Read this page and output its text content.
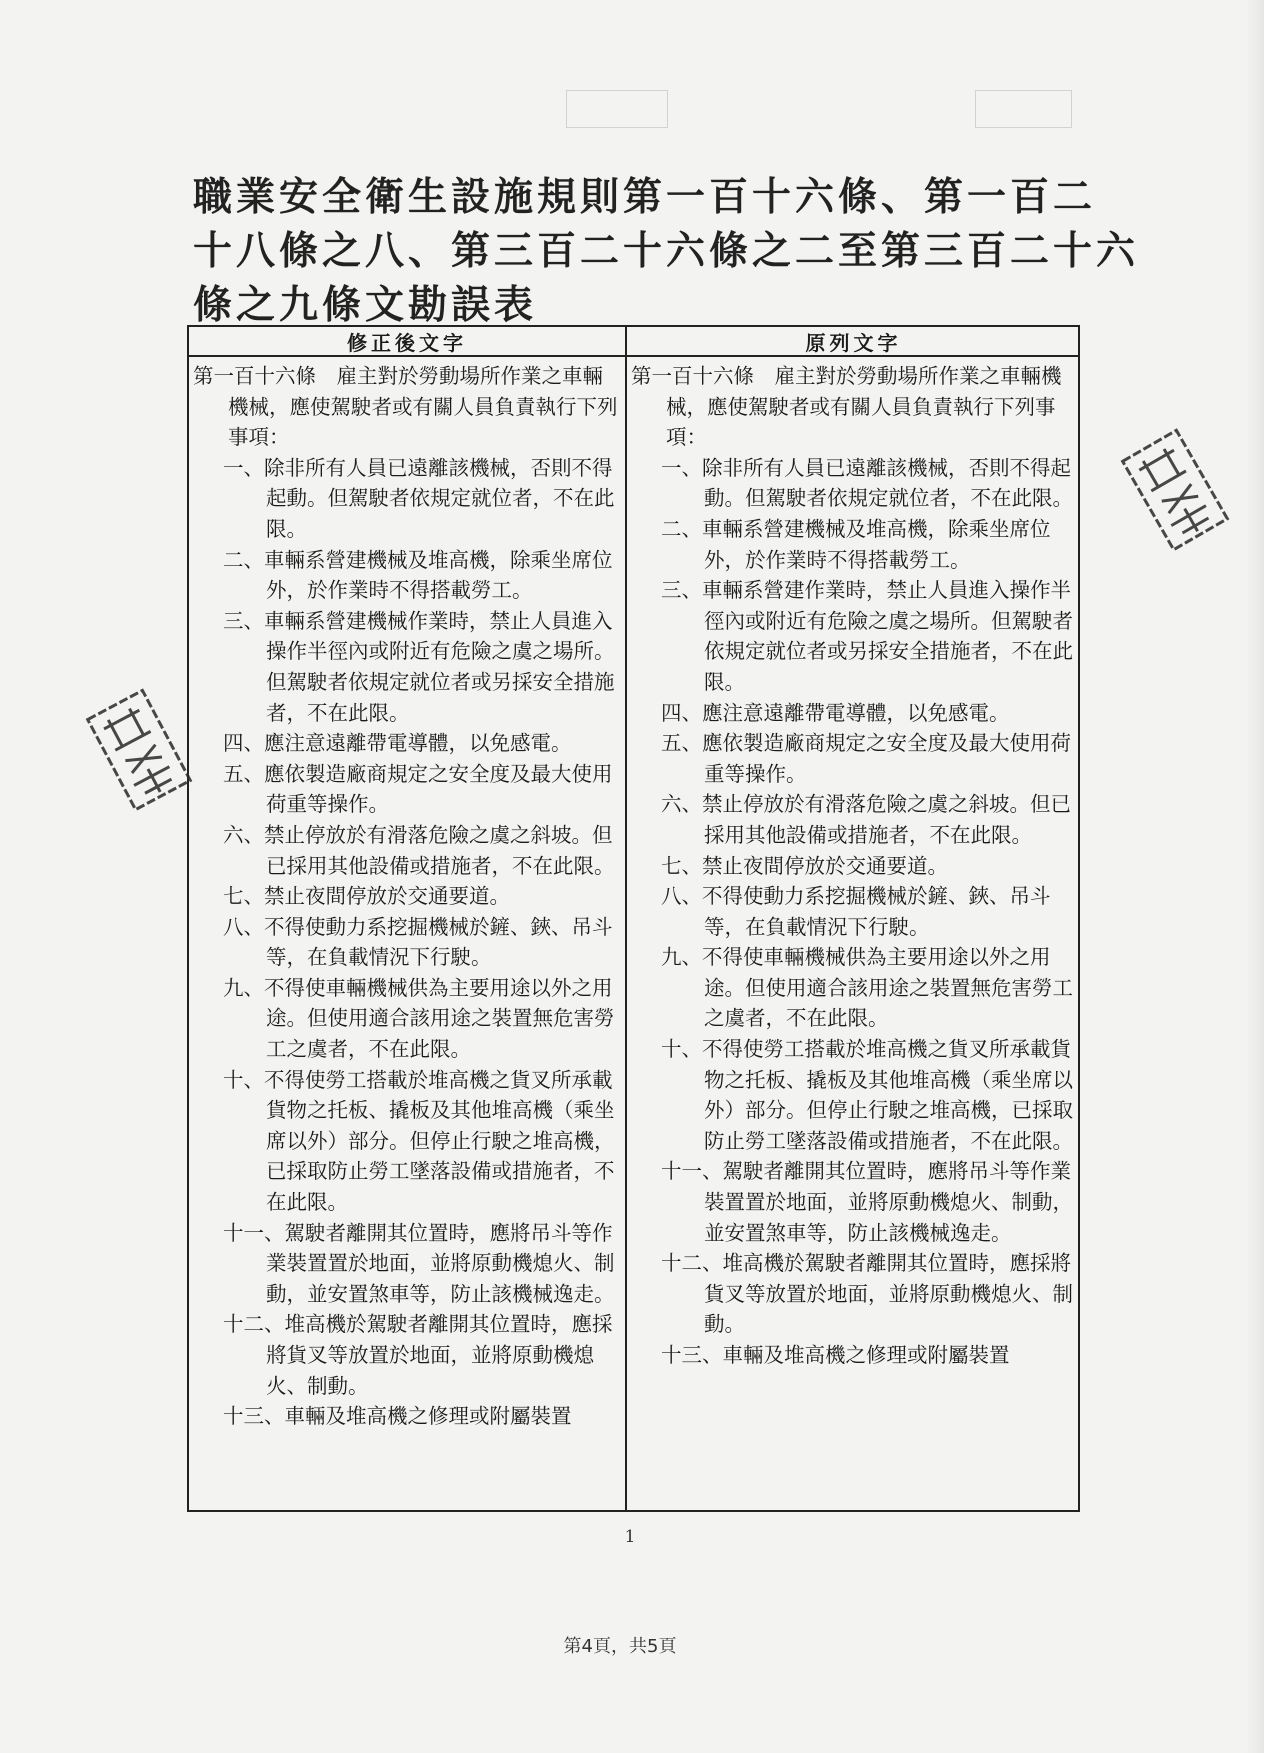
職業安全衛生設施規則第一百十六條、第一百二
十八條之八、第三百二十六條之二至第三百二十六
條之九條文勘誤表
修正後文字	原列文字

第一百十六條　雇主對於勞動場所作業之車輛機械，應使駕駛者或有關人員負責執行下列事項：

一、除非所有人員已遠離該機械，否則不得起動。但駕駛者依規定就位者，不在此限。

二、車輛系營建機械及堆高機，除乘坐席位外，於作業時不得搭載勞工。

三、車輛系營建機械作業時，禁止人員進入操作半徑內或附近有危險之虞之場所。但駕駛者依規定就位者或另採安全措施者，不在此限。

四、應注意遠離帶電導體，以免感電。

五、應依製造廠商規定之安全度及最大使用荷重等操作。

六、禁止停放於有滑落危險之虞之斜坡。但已採用其他設備或措施者，不在此限。

七、禁止夜間停放於交通要道。

八、不得使動力系挖掘機械於鏟、鋏、吊斗等，在負載情況下行駛。

九、不得使車輛機械供為主要用途以外之用途。但使用適合該用途之裝置無危害勞工之虞者，不在此限。

十、不得使勞工搭載於堆高機之貨叉所承載貨物之托板、撬板及其他堆高機（乘坐席以外）部分。但停止行駛之堆高機，已採取防止勞工墜落設備或措施者，不在此限。

十一、駕駛者離開其位置時，應將吊斗等作業裝置置於地面，並將原動機熄火、制動，並安置煞車等，防止該機械逸走。

十二、堆高機於駕駛者離開其位置時，應採將貨叉等放置於地面，並將原動機熄火、制動。

十三、車輛及堆高機之修理或附屬裝置

第一百十六條　雇主對於勞動場所作業之車輛機械，應使駕駛者或有關人員負責執行下列事項：

一、除非所有人員已遠離該機械，否則不得起動。但駕駛者依規定就位者，不在此限。

二、車輛系營建機械及堆高機，除乘坐席位外，於作業時不得搭載勞工。

三、車輛系營建作業時，禁止人員進入操作半徑內或附近有危險之虞之場所。但駕駛者依規定就位者或另採安全措施者，不在此限。

四、應注意遠離帶電導體，以免感電。

五、應依製造廠商規定之安全度及最大使用荷重等操作。

六、禁止停放於有滑落危險之虞之斜坡。但已採用其他設備或措施者，不在此限。

七、禁止夜間停放於交通要道。

八、不得使動力系挖掘機械於鏟、鋏、吊斗等，在負載情況下行駛。

九、不得使車輛機械供為主要用途以外之用途。但使用適合該用途之裝置無危害勞工之虞者，不在此限。

十、不得使勞工搭載於堆高機之貨叉所承載貨物之托板、撬板及其他堆高機（乘坐席以外）部分。但停止行駛之堆高機，已採取防止勞工墜落設備或措施者，不在此限。

十一、駕駛者離開其位置時，應將吊斗等作業裝置置於地面，並將原動機熄火、制動，並安置煞車等，防止該機械逸走。

十二、堆高機於駕駛者離開其位置時，應採將貨叉等放置於地面，並將原動機熄火、制動。

十三、車輛及堆高機之修理或附屬裝置

1
第4頁，共5頁
